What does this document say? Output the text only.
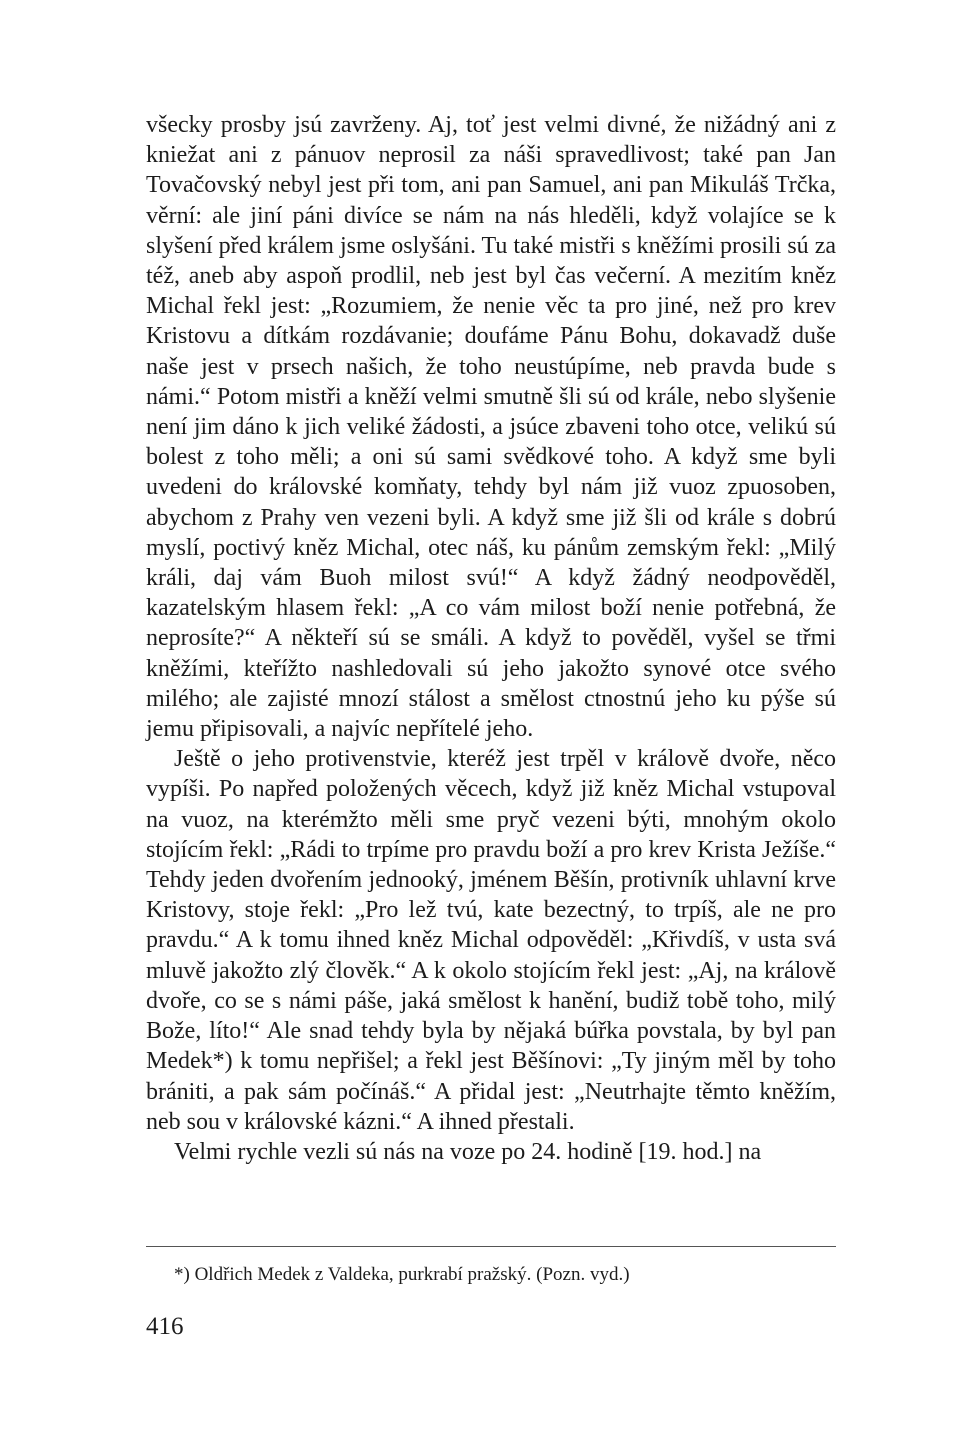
všecky prosby jsú zavrženy. Aj, toť jest velmi divné, že nižádný ani z kniežat ani z pánuov neprosil za náši spravedlivost; také pan Jan Tovačovský nebyl jest při tom, ani pan Samuel, ani pan Mikuláš Trčka, věrní: ale jiní páni divíce se nám na nás hleděli, když volajíce se k slyšení před králem jsme oslyšáni. Tu také mistři s kněžími prosili sú za též, aneb aby aspoň prodlil, neb jest byl čas večerní. A mezitím kněz Michal řekl jest: „Rozumiem, že nenie věc ta pro jiné, než pro krev Kristovu a dítkám rozdávanie; doufáme Pánu Bohu, dokavadž duše naše jest v prsech našich, že toho neustúpíme, neb pravda bude s námi.“ Potom mistři a kněží velmi smutně šli sú od krále, nebo slyšenie není jim dáno k jich veliké žádosti, a jsúce zbaveni toho otce, velikú sú bolest z toho měli; a oni sú sami svědkové toho. A když sme byli uvedeni do královské komňaty, tehdy byl nám již vuoz zpuosoben, abychom z Prahy ven vezeni byli. A když sme již šli od krále s dobrú myslí, poctivý kněz Michal, otec náš, ku pánům zemským řekl: „Milý králi, daj vám Buoh milost svú!“ A když žádný neodpověděl, kazatelským hlasem řekl: „A co vám milost boží nenie potřebná, že neprosíte?“ A někteří sú se smáli. A když to pověděl, vyšel se třmi kněžími, kteřížto nashledovali sú jeho jakožto synové otce svého milého; ale zajisté mnozí stálost a smělost ctnostnú jeho ku pýše sú jemu připisovali, a najvíc nepřítelé jeho.

Ještě o jeho protivenstvie, kteréž jest trpěl v králově dvoře, něco vypíši. Po napřed položených věcech, když již kněz Michal vstupoval na vuoz, na kterémžto měli sme pryč vezeni býti, mnohým okolo stojícím řekl: „Rádi to trpíme pro pravdu boží a pro krev Krista Ježíše.“ Tehdy jeden dvořením jednooký, jménem Běšín, protivník uhlavní krve Kristovy, stoje řekl: „Pro lež tvú, kate bezectný, to trpíš, ale ne pro pravdu.“ A k tomu ihned kněz Michal odpověděl: „Křivdíš, v usta svá mluvě jakožto zlý člověk.“ A k okolo stojícím řekl jest: „Aj, na králově dvoře, co se s námi páše, jaká smělost k hanění, budiž tobě toho, milý Bože, líto!“ Ale snad tehdy byla by nějaká búřka povstala, by byl pan Medek*) k tomu nepřišel; a řekl jest Běšínovi: „Ty jiným měl by toho brániti, a pak sám počínáš.“ A přidal jest: „Neutrhajte těmto kněžím, neb sou v královské kázni.“ A ihned přestali.

Velmi rychle vezli sú nás na voze po 24. hodině [19. hod.] na

*) Oldřich Medek z Valdeka, purkrabí pražský. (Pozn. vyd.)

416
